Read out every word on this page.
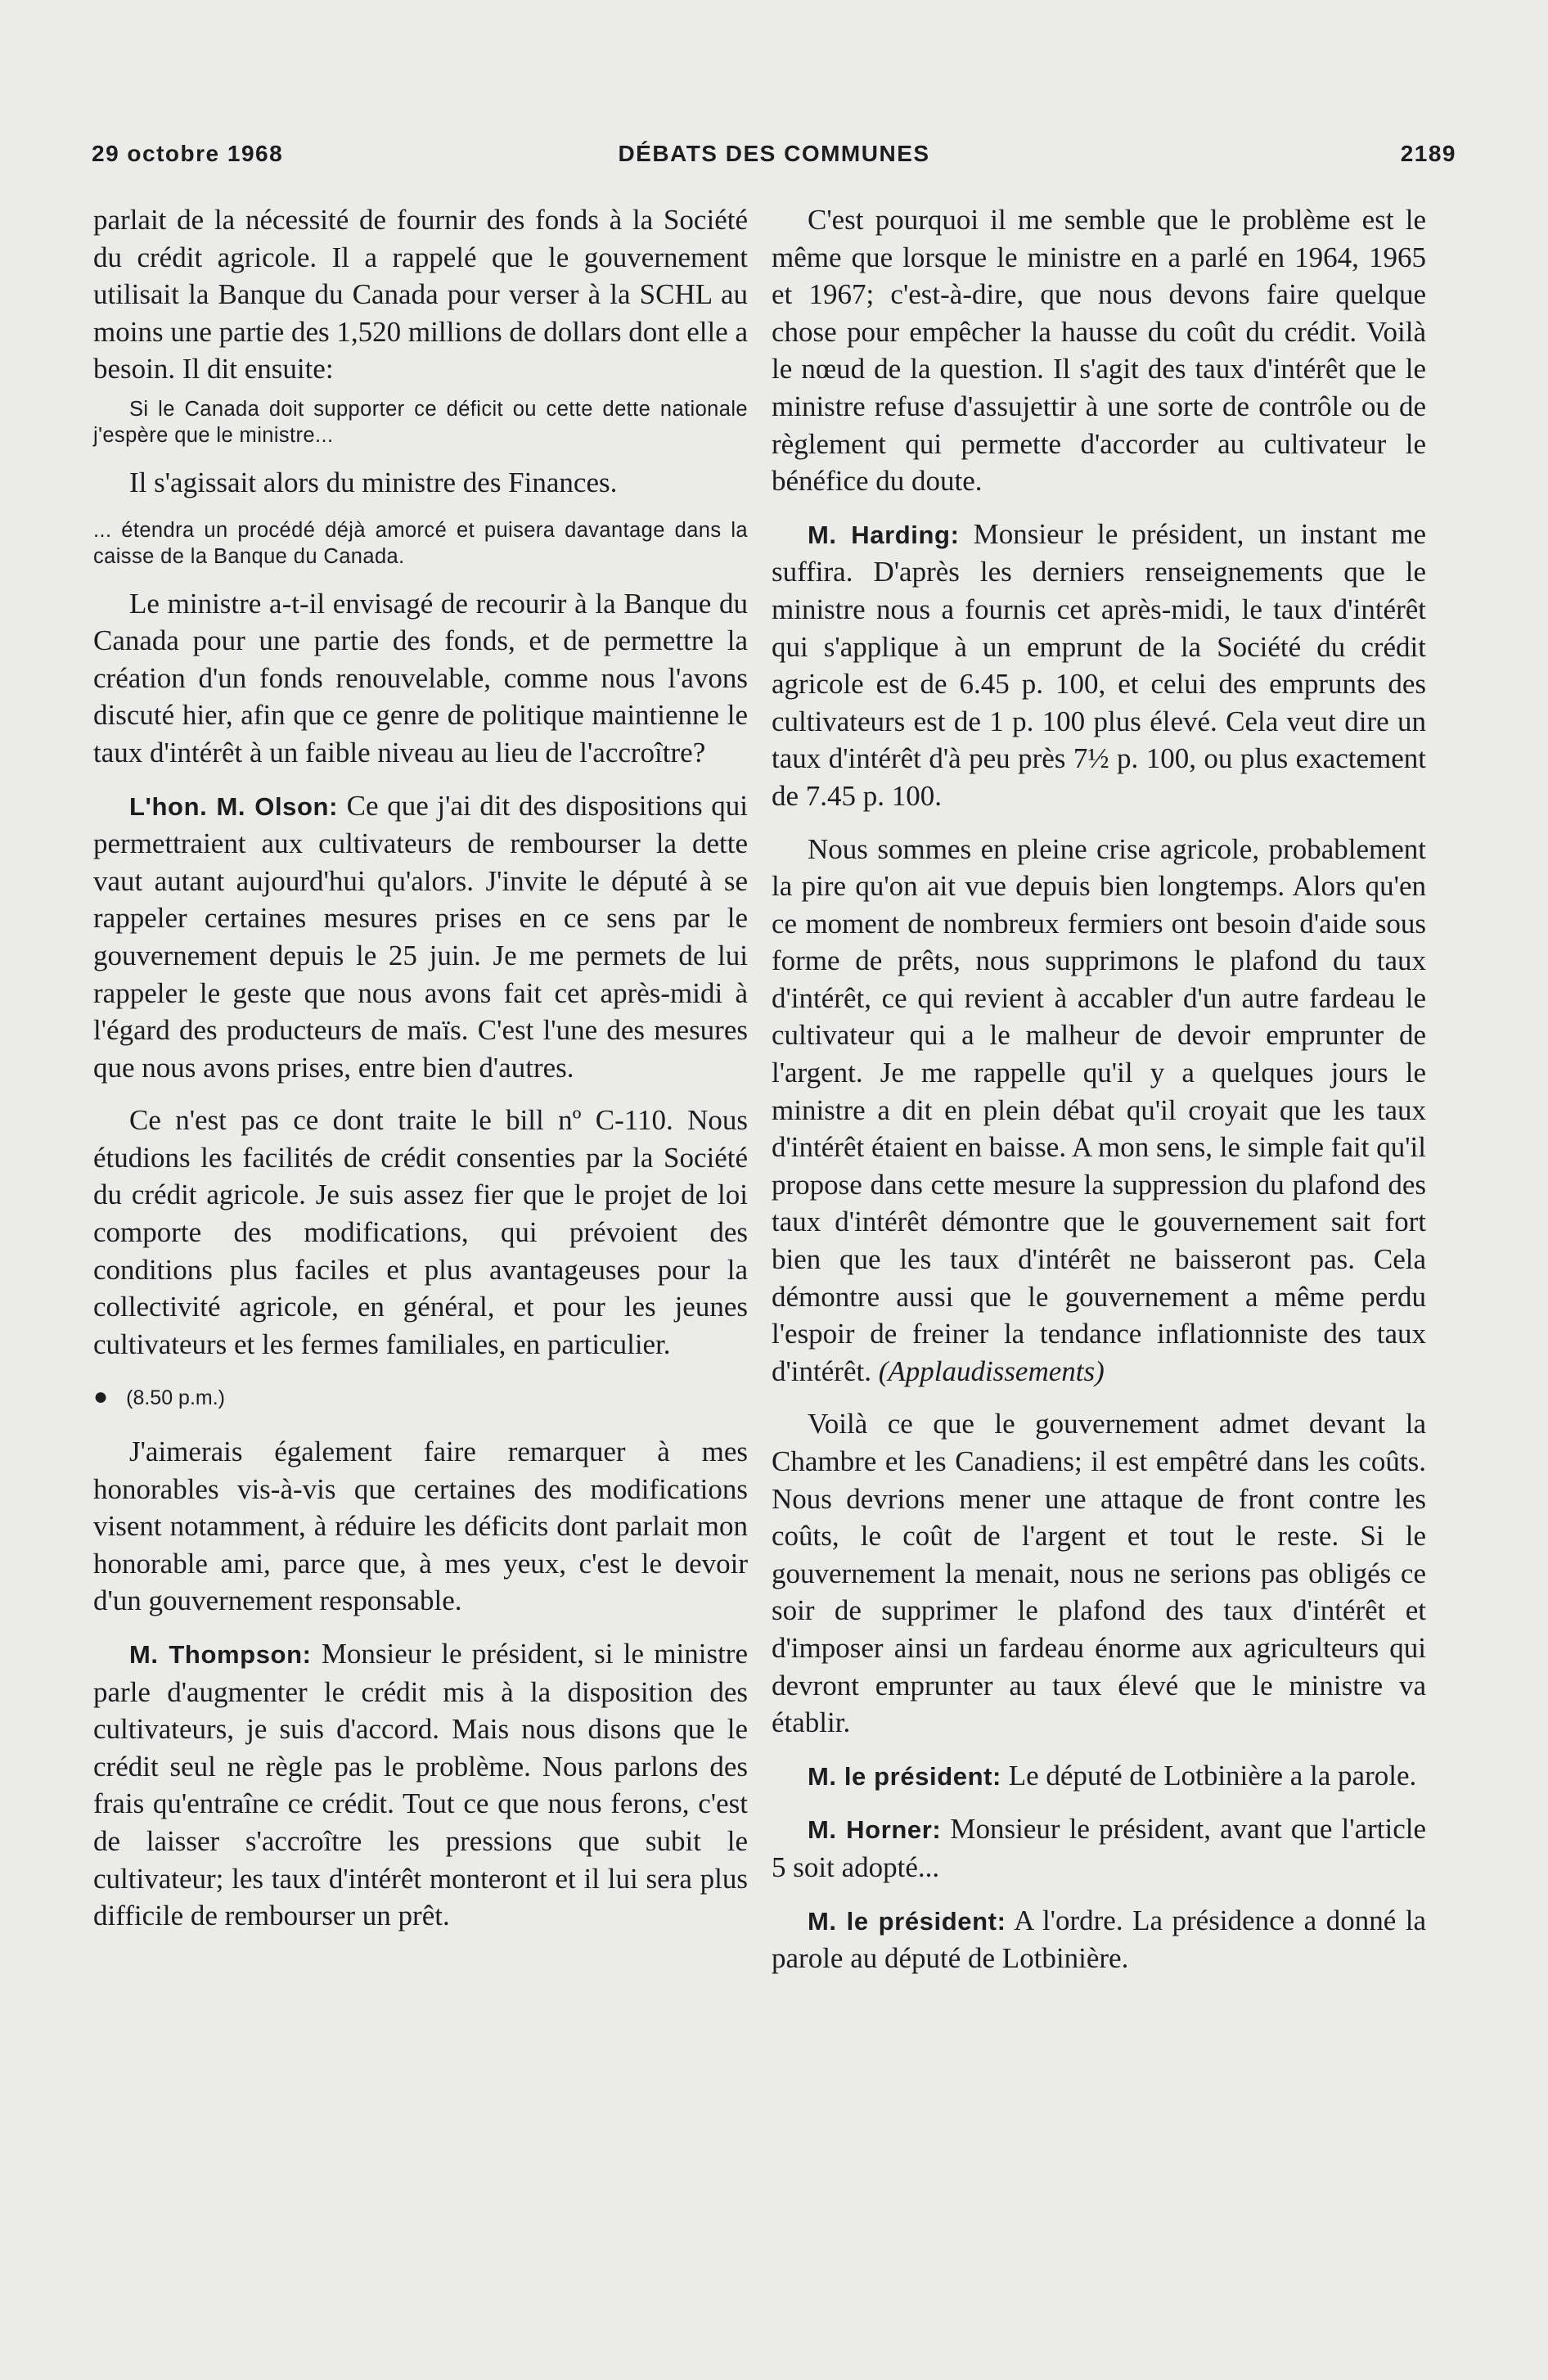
29 octobre 1968	DÉBATS DES COMMUNES	2189

parlait de la nécessité de fournir des fonds à la Société du crédit agricole. Il a rappelé que le gouvernement utilisait la Banque du Canada pour verser à la SCHL au moins une partie des 1,520 millions de dollars dont elle a besoin. Il dit ensuite:

Si le Canada doit supporter ce déficit ou cette dette nationale j'espère que le ministre...

Il s'agissait alors du ministre des Finances.

... étendra un procédé déjà amorcé et puisera davantage dans la caisse de la Banque du Canada.

Le ministre a-t-il envisagé de recourir à la Banque du Canada pour une partie des fonds, et de permettre la création d'un fonds renouvelable, comme nous l'avons discuté hier, afin que ce genre de politique maintienne le taux d'intérêt à un faible niveau au lieu de l'accroître?

L'hon. M. Olson: Ce que j'ai dit des dispositions qui permettraient aux cultivateurs de rembourser la dette vaut autant aujourd'hui qu'alors. J'invite le député à se rappeler certaines mesures prises en ce sens par le gouvernement depuis le 25 juin. Je me permets de lui rappeler le geste que nous avons fait cet après-midi à l'égard des producteurs de maïs. C'est l'une des mesures que nous avons prises, entre bien d'autres.

Ce n'est pas ce dont traite le bill nº C-110. Nous étudions les facilités de crédit consenties par la Société du crédit agricole. Je suis assez fier que le projet de loi comporte des modifications, qui prévoient des conditions plus faciles et plus avantageuses pour la collectivité agricole, en général, et pour les jeunes cultivateurs et les fermes familiales, en particulier.

● (8.50 p.m.)

J'aimerais également faire remarquer à mes honorables vis-à-vis que certaines des modifications visent notamment, à réduire les déficits dont parlait mon honorable ami, parce que, à mes yeux, c'est le devoir d'un gouvernement responsable.

M. Thompson: Monsieur le président, si le ministre parle d'augmenter le crédit mis à la disposition des cultivateurs, je suis d'accord. Mais nous disons que le crédit seul ne règle pas le problème. Nous parlons des frais qu'entraîne ce crédit. Tout ce que nous ferons, c'est de laisser s'accroître les pressions que subit le cultivateur; les taux d'intérêt monteront et il lui sera plus difficile de rembourser un prêt.

C'est pourquoi il me semble que le problème est le même que lorsque le ministre en a parlé en 1964, 1965 et 1967; c'est-à-dire, que nous devons faire quelque chose pour empêcher la hausse du coût du crédit. Voilà le nœud de la question. Il s'agit des taux d'intérêt que le ministre refuse d'assujettir à une sorte de contrôle ou de règlement qui permette d'accorder au cultivateur le bénéfice du doute.

M. Harding: Monsieur le président, un instant me suffira. D'après les derniers renseignements que le ministre nous a fournis cet après-midi, le taux d'intérêt qui s'applique à un emprunt de la Société du crédit agricole est de 6.45 p. 100, et celui des emprunts des cultivateurs est de 1 p. 100 plus élevé. Cela veut dire un taux d'intérêt d'à peu près 7½ p. 100, ou plus exactement de 7.45 p. 100.

Nous sommes en pleine crise agricole, probablement la pire qu'on ait vue depuis bien longtemps. Alors qu'en ce moment de nombreux fermiers ont besoin d'aide sous forme de prêts, nous supprimons le plafond du taux d'intérêt, ce qui revient à accabler d'un autre fardeau le cultivateur qui a le malheur de devoir emprunter de l'argent. Je me rappelle qu'il y a quelques jours le ministre a dit en plein débat qu'il croyait que les taux d'intérêt étaient en baisse. A mon sens, le simple fait qu'il propose dans cette mesure la suppression du plafond des taux d'intérêt démontre que le gouvernement sait fort bien que les taux d'intérêt ne baisseront pas. Cela démontre aussi que le gouvernement a même perdu l'espoir de freiner la tendance inflationniste des taux d'intérêt. (Applaudissements)

Voilà ce que le gouvernement admet devant la Chambre et les Canadiens; il est empêtré dans les coûts. Nous devrions mener une attaque de front contre les coûts, le coût de l'argent et tout le reste. Si le gouvernement la menait, nous ne serions pas obligés ce soir de supprimer le plafond des taux d'intérêt et d'imposer ainsi un fardeau énorme aux agriculteurs qui devront emprunter au taux élevé que le ministre va établir.

M. le président: Le député de Lotbinière a la parole.

M. Horner: Monsieur le président, avant que l'article 5 soit adopté...

M. le président: A l'ordre. La présidence a donné la parole au député de Lotbinière.
